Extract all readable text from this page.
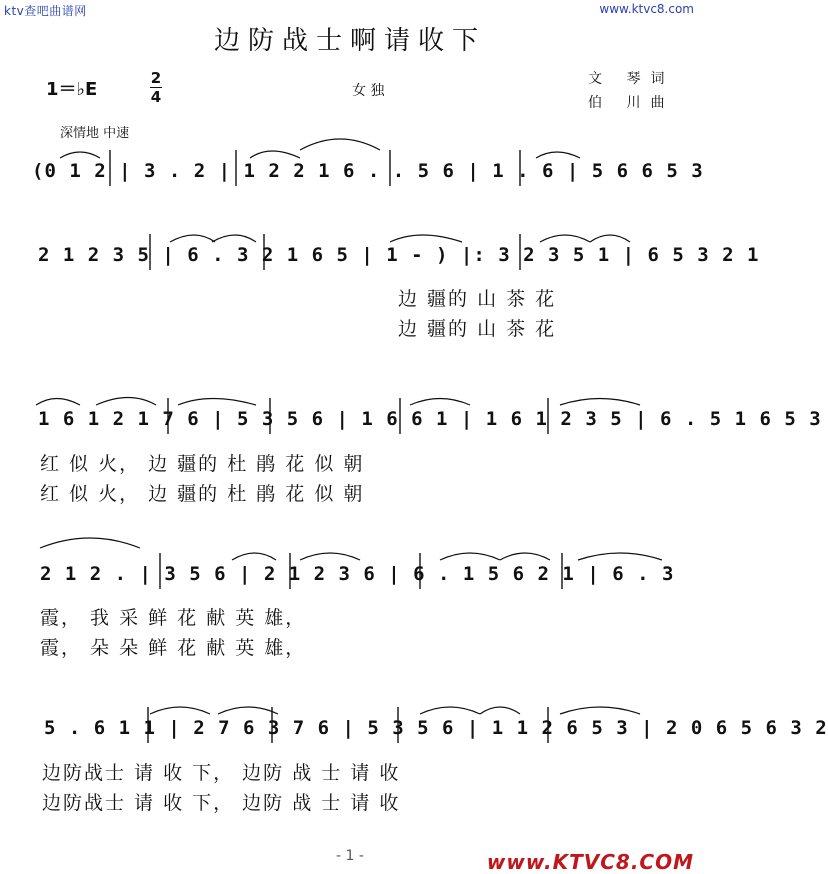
ktv查吧曲谱网	www.ktvc8.com
边防战士啊请收下
1＝♭E
2
4	女 独
文 琴词
伯 川曲
深情地 中速
(0 1 2 | 3 . 2 | 1 2 2 1 6 . . 5 6 | 1 . 6 | 5 6 6 5 3
2 1 2 3 5 | 6 . 3 2 1 6 5 | 1 - ) |: 3 2 3 5 1 | 6 5 3 2 1
边 疆的 山 茶 花
边 疆的 山 茶 花
1 6 1 2 1 7 6 | 5 3 5 6 | 1 6 6 1 | 1 6 1 2 3 5 | 6 . 5 1 6 5 3
红 似 火， 边 疆的 杜 鹃 花 似 朝
红 似 火， 边 疆的 杜 鹃 花 似 朝
2 1 2 . | 3 5 6 | 2 1 2 3 6 | 6 . 1 5 6 2 1 | 6 . 3
霞， 我 采 鲜 花 献 英 雄，
霞， 朵 朵 鲜 花 献 英 雄，
5 . 6 1 1 | 2 7 6 3 7 6 | 5 3 5 6 | 1 1 2 6 5 3 | 2 0 6 5 6 3 2
边防战士 请 收 下， 边防 战 士 请 收
边防战士 请 收 下， 边防 战 士 请 收
- 1 -	www.KTVC8.COM
